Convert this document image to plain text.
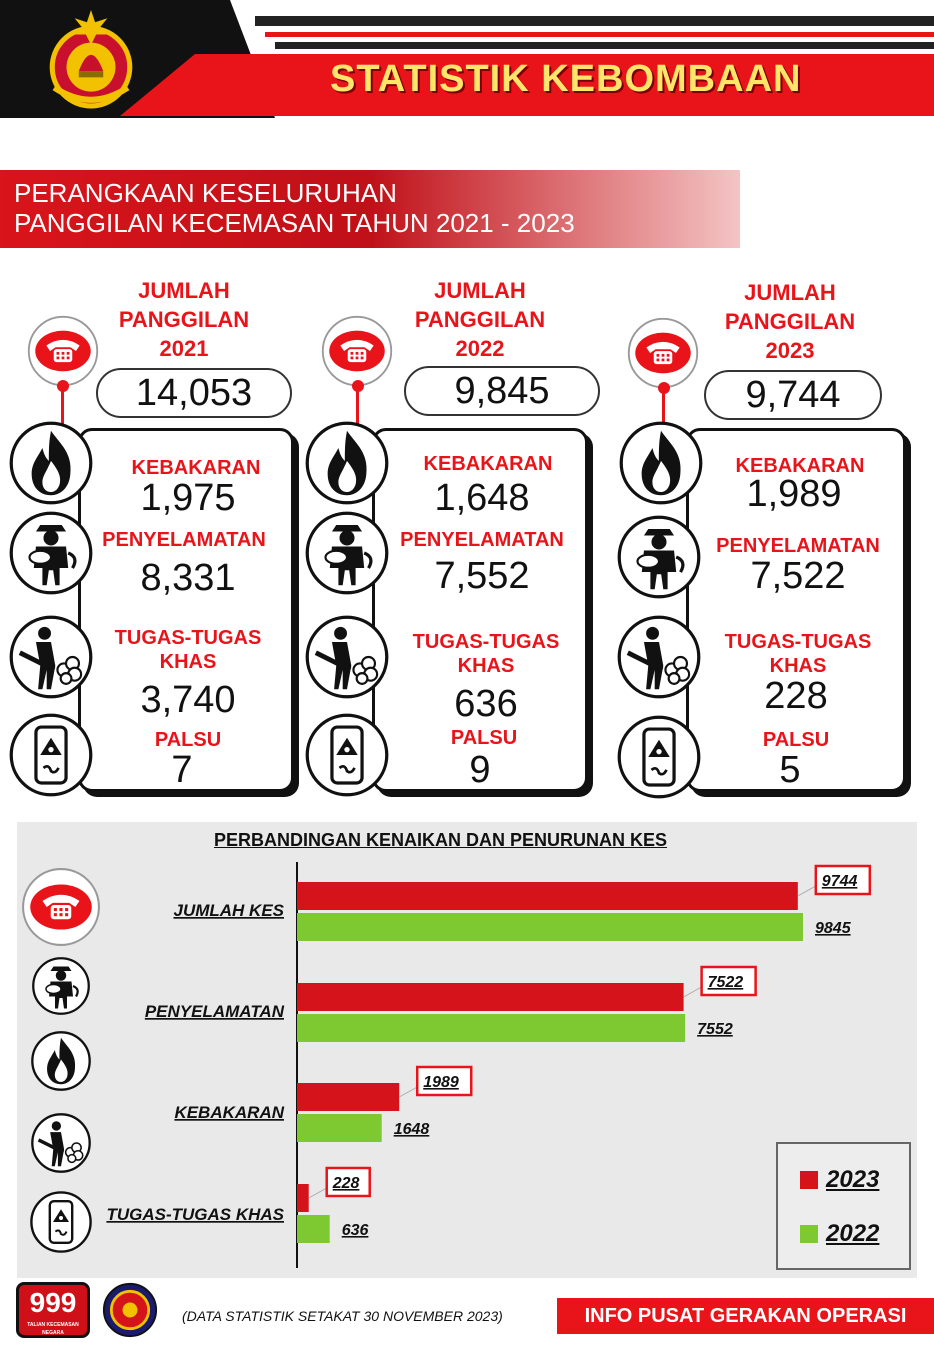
STATISTIK KEBOMBAAN
PERANGKAAN KESELURUHAN
PANGGILAN KECEMASAN TAHUN 2021 - 2023
JUMLAH
PANGGILAN
2021
14,053
KEBAKARAN
1,975
PENYELAMATAN
8,331
TUGAS-TUGAS
KHAS
3,740
PALSU
7
JUMLAH
PANGGILAN
2022
9,845
KEBAKARAN
1,648
PENYELAMATAN
7,552
TUGAS-TUGAS
KHAS
636
PALSU
9
JUMLAH
PANGGILAN
2023
9,744
KEBAKARAN
1,989
PENYELAMATAN
7,522
TUGAS-TUGAS
KHAS
228
PALSU
5
PERBANDINGAN KENAIKAN DAN PENURUNAN KES
JUMLAH KES
9744
9845
PENYELAMATAN
7522
7552
KEBAKARAN
1989
1648
TUGAS-TUGAS KHAS
228
636
2023
2022
999
TALIAN KECEMASAN NEGARA
(DATA STATISTIK SETAKAT 30 NOVEMBER 2023)	INFO PUSAT GERAKAN OPERASI
